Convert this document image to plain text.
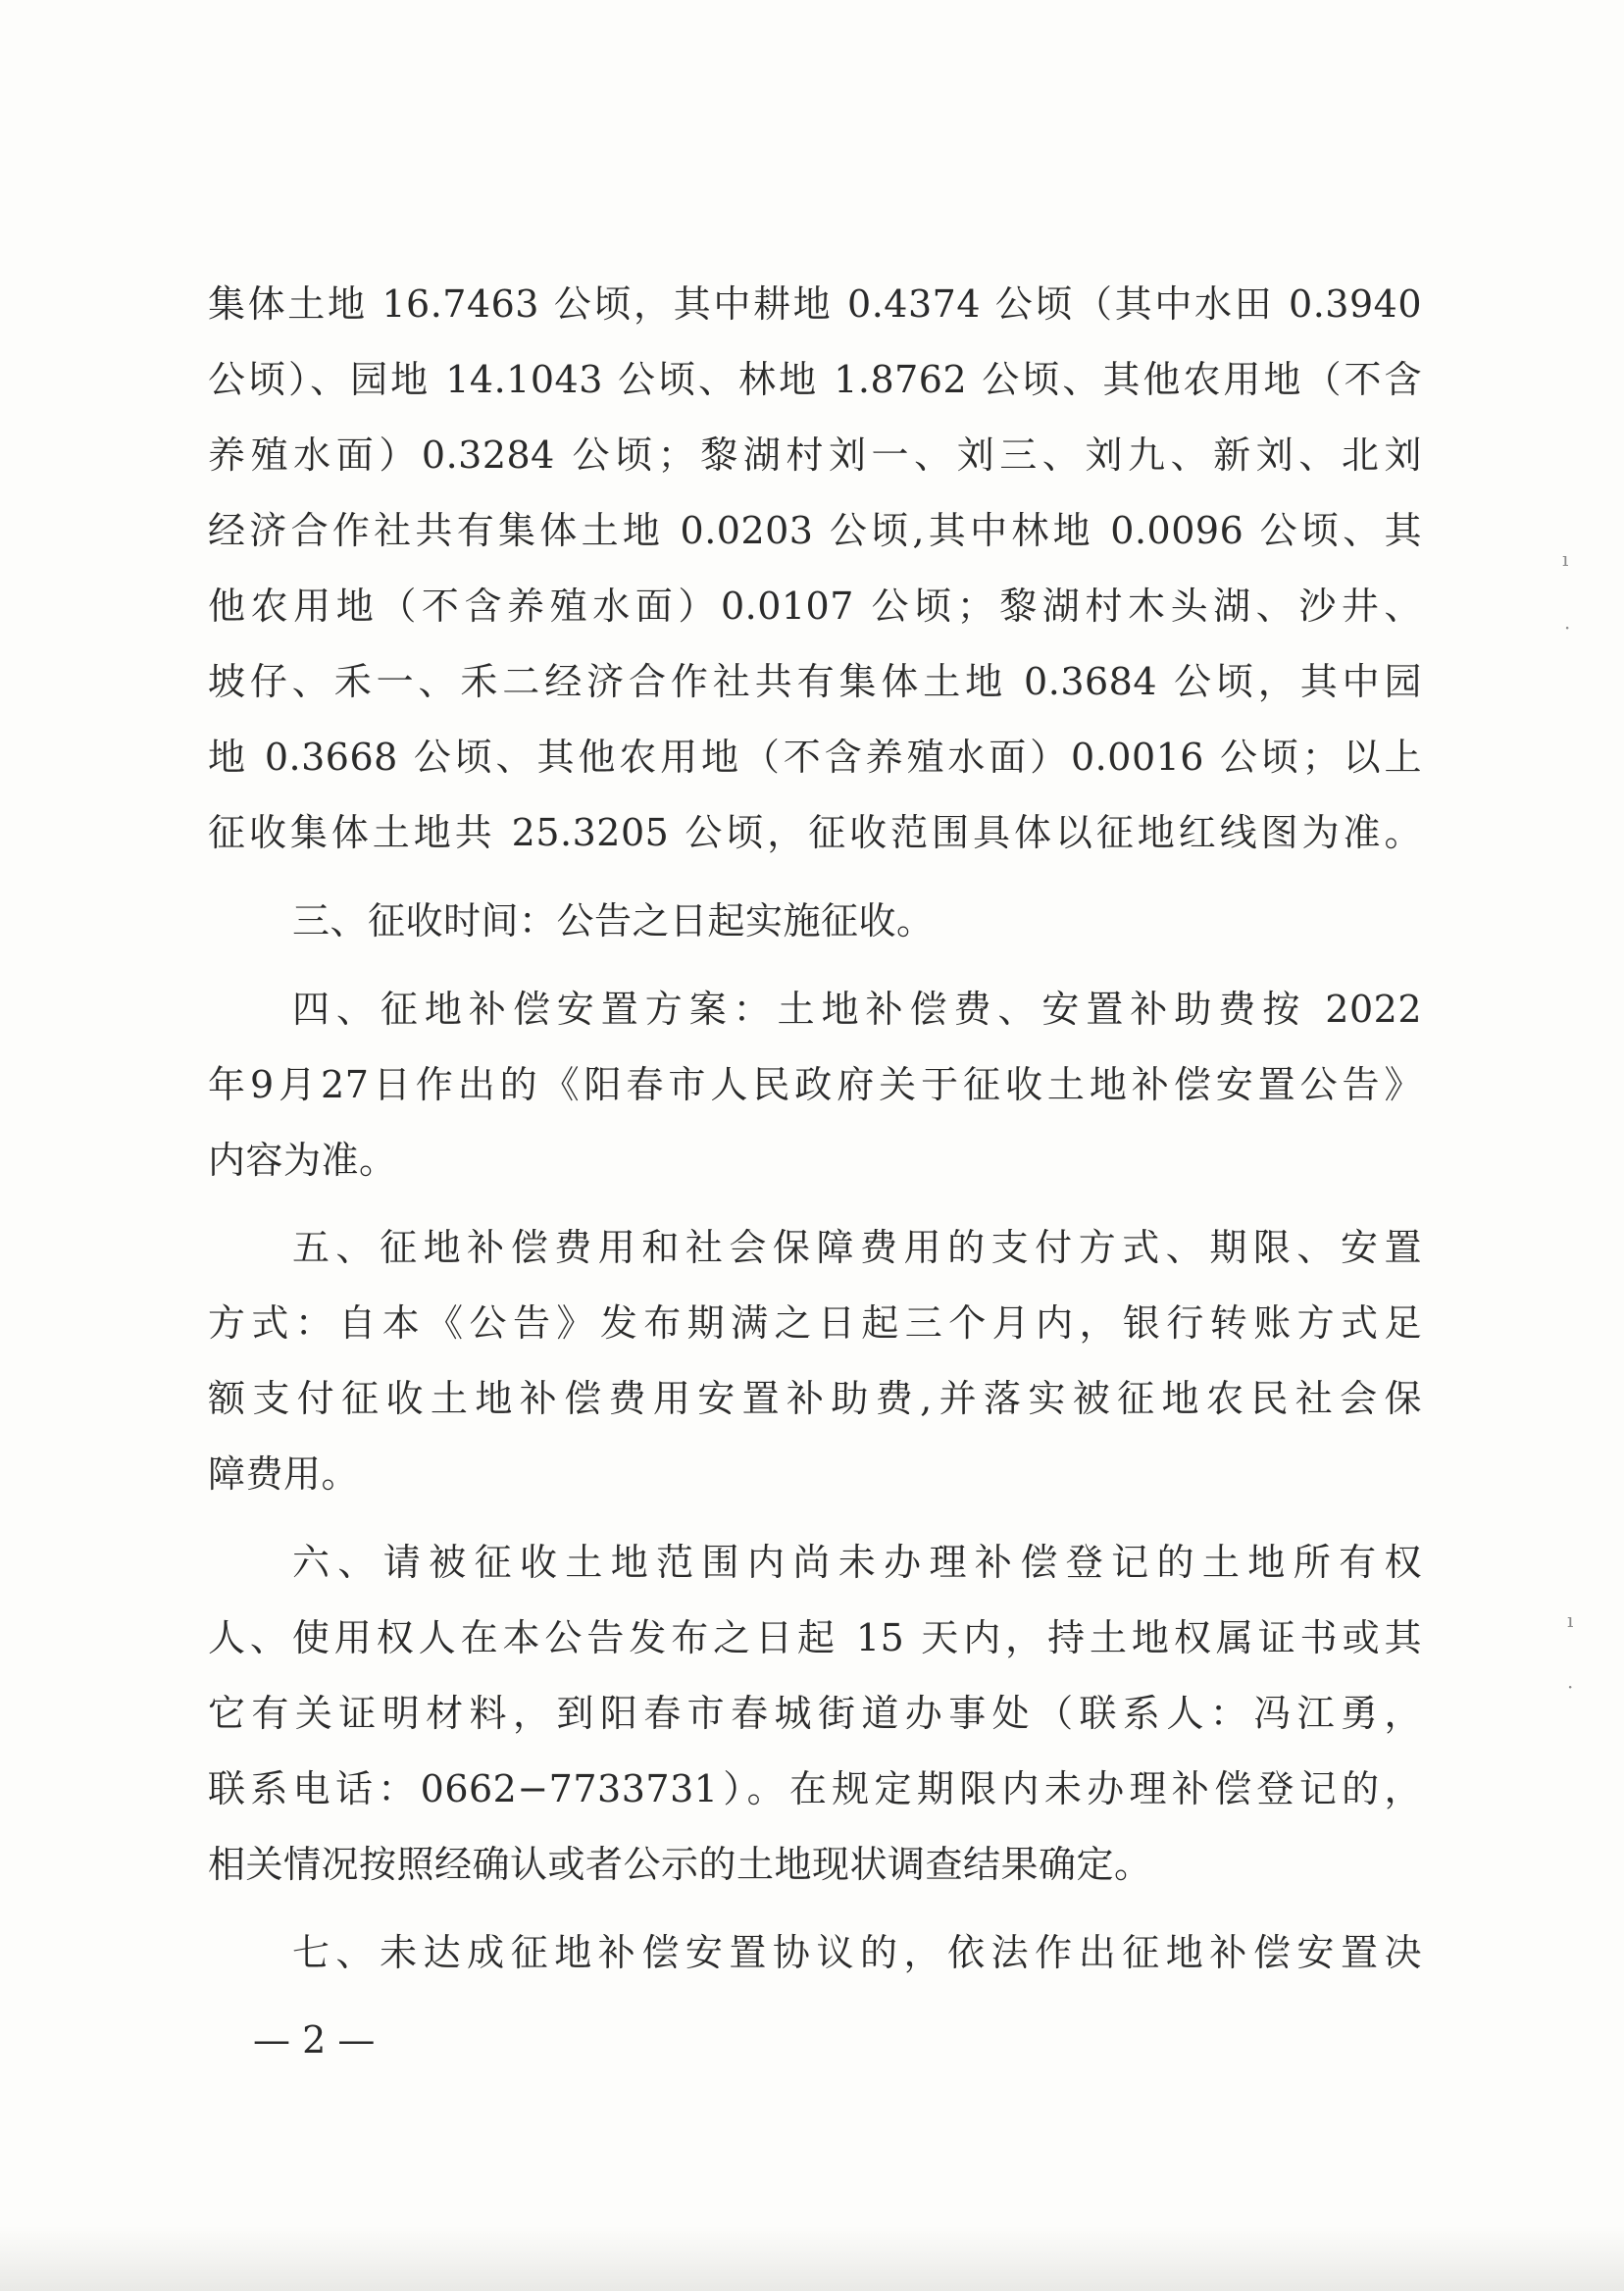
集体土地 16.7463 公顷，其中耕地 0.4374 公顷（其中水田 0.3940
公顷）、园地 14.1043 公顷、林地 1.8762 公顷、其他农用地（不含
养殖水面）0.3284 公顷；黎湖村刘一、刘三、刘九、新刘、北刘
经济合作社共有集体土地 0.0203 公顷,其中林地 0.0096 公顷、其
他农用地（不含养殖水面）0.0107 公顷；黎湖村木头湖、沙井、
坡仔、禾一、禾二经济合作社共有集体土地 0.3684 公顷，其中园
地 0.3668 公顷、其他农用地（不含养殖水面）0.0016 公顷；以上
征收集体土地共 25.3205 公顷，征收范围具体以征地红线图为准。
三、征收时间：公告之日起实施征收。
四、征地补偿安置方案：土地补偿费、安置补助费按 2022
年9月27日作出的《阳春市人民政府关于征收土地补偿安置公告》
内容为准。
五、征地补偿费用和社会保障费用的支付方式、期限、安置
方式：自本《公告》发布期满之日起三个月内，银行转账方式足
额支付征收土地补偿费用安置补助费,并落实被征地农民社会保
障费用。
六、请被征收土地范围内尚未办理补偿登记的土地所有权
人、使用权人在本公告发布之日起 15 天内，持土地权属证书或其
它有关证明材料，到阳春市春城街道办事处（联系人：冯江勇，
联系电话：0662−7733731）。在规定期限内未办理补偿登记的，
相关情况按照经确认或者公示的土地现状调查结果确定。
七、未达成征地补偿安置协议的，依法作出征地补偿安置决
— 2 —
ı
·
ı
·
